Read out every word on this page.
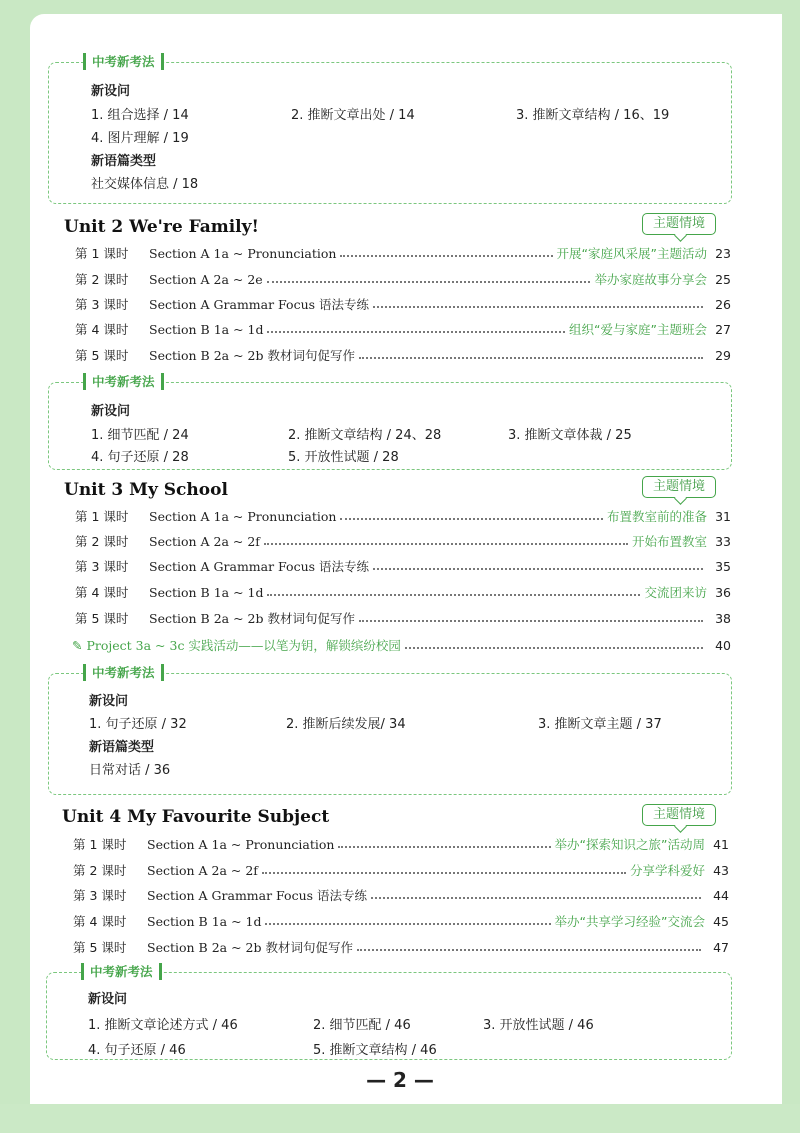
中考新考法
新设问
1. 组合选择 / 14	2. 推断文章出处 / 14	3. 推断文章结构 / 16、19
4. 图片理解 / 19
新语篇类型
社交媒体信息 / 18
Unit 2 We're Family!	主题情境
第 1 课时	Section A 1a ~ Pronunciation	开展“家庭风采展”主题活动 23
第 2 课时	Section A 2a ~ 2e	举办家庭故事分享会 25
第 3 课时	Section A Grammar Focus 语法专练	26
第 4 课时	Section B 1a ~ 1d	组织“爱与家庭”主题班会 27
第 5 课时	Section B 2a ~ 2b 教材词句促写作	29
中考新考法
新设问
1. 细节匹配 / 24	2. 推断文章结构 / 24、28	3. 推断文章体裁 / 25
4. 句子还原 / 28	5. 开放性试题 / 28
Unit 3 My School	主题情境
第 1 课时	Section A 1a ~ Pronunciation	布置教室前的准备 31
第 2 课时	Section A 2a ~ 2f	开始布置教室 33
第 3 课时	Section A Grammar Focus 语法专练	35
第 4 课时	Section B 1a ~ 1d	交流团来访 36
第 5 课时	Section B 2a ~ 2b 教材词句促写作	38
✎ Project 3a ~ 3c 实践活动——以笔为钥，解锁缤纷校园	40
中考新考法
新设问
1. 句子还原 / 32	2. 推断后续发展/ 34	3. 推断文章主题 / 37
新语篇类型
日常对话 / 36
Unit 4 My Favourite Subject	主题情境
第 1 课时	Section A 1a ~ Pronunciation	举办“探索知识之旅”活动周 41
第 2 课时	Section A 2a ~ 2f	分享学科爱好 43
第 3 课时	Section A Grammar Focus 语法专练	44
第 4 课时	Section B 1a ~ 1d	举办“共享学习经验”交流会 45
第 5 课时	Section B 2a ~ 2b 教材词句促写作	47
中考新考法
新设问
1. 推断文章论述方式 / 46	2. 细节匹配 / 46	3. 开放性试题 / 46
4. 句子还原 / 46	5. 推断文章结构 / 46
— 2 —
